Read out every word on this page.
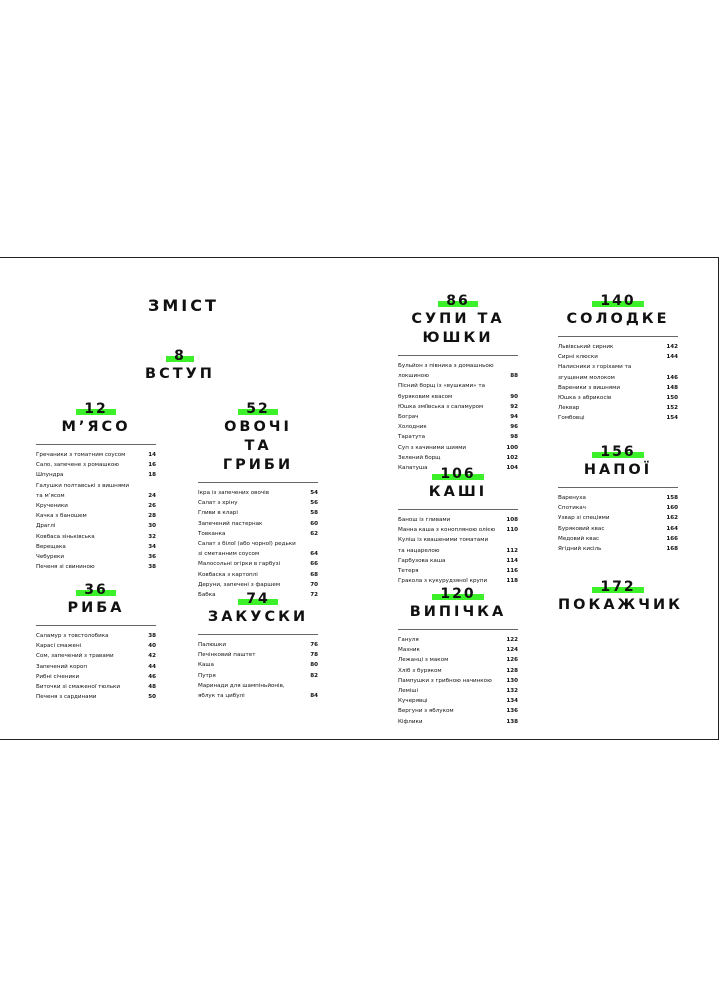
ЗМІСТ
8
ВСТУП
12
М’ЯСО
Гречаники з томатним соусом	14
Сало, запечене з ромашкою	16
Шпундра	18
Галушки полтавські з вишнями
та м’ясом	24
Крученики	26
Качка з баношем	28
Драглі	30
Ковбаса зіньківська	32
Верещака	34
Чебуреки	36
Печеня зі свининою	38
52
ОВОЧІ ТА ГРИБИ
Ікра із запечених овочів	54
Салат з хріну	56
Гливи в кларі	58
Запечений пастернак	60
Товканка	62
Салат з білої (або чорної) редьки
зі сметанним соусом	64
Малосольні огірки в гарбузі	66
Ковбаска з картоплі	68
Деруни, запечені з фаршем	70
Бабка	72
36
РИБА
Саламур з товстолобика	38
Карасі смажені	40
Сом, запечений з травами	42
Запечений короп	44
Рибні січеники	46
Биточки зі смаженої тюльки	48
Печеня з сардинами	50
74
ЗАКУСКИ
Палюшки	76
Печінковий паштет	78
Каша	80
Путря	82
Маринади для шампіньйонів,
яблук та цибулі	84
86
СУПИ ТА ЮШКИ
Бульйон з півника з домашньою
локшиною	88
Пісний борщ із «вушками» та
буряковим квасом	90
Юшка зміївська з саламуром	92
Бограч	94
Холодник	96
Таратута	98
Суп з качиними шиями	100
Зелений борщ	102
Калатуша	104
106
КАШІ
Банош із гливами	108
Манна каша з конопляною олією 110
Куліш із квашеними томатами
та нацарелою	112
Гарбузова каша	114
Тетеря	116
Гракола з кукурудзяної крупи	118
120
ВИПІЧКА
Гануля	122
Мазник	124
Лежанці з маком	126
Хліб з буряком	128
Пампушки з грибною начинкою	130
Леміші	132
Кучерявці	134
Вергуни з яблуком	136
Кіфлики	138
140
СОЛОДКЕ
Львівський сирник	142
Сирні клюски	144
Налисники з горіхами та
згущеним молоком	146
Вареники з вишнями	148
Юшка з абрикосів	150
Леквар	152
Гомбовці	154
156
НАПОЇ
Варенуха	158
Спотикач	160
Узвар зі спеціями	162
Буряковий квас	164
Медовий квас	166
Ягідний кисіль	168
172
ПОКАЖЧИК
